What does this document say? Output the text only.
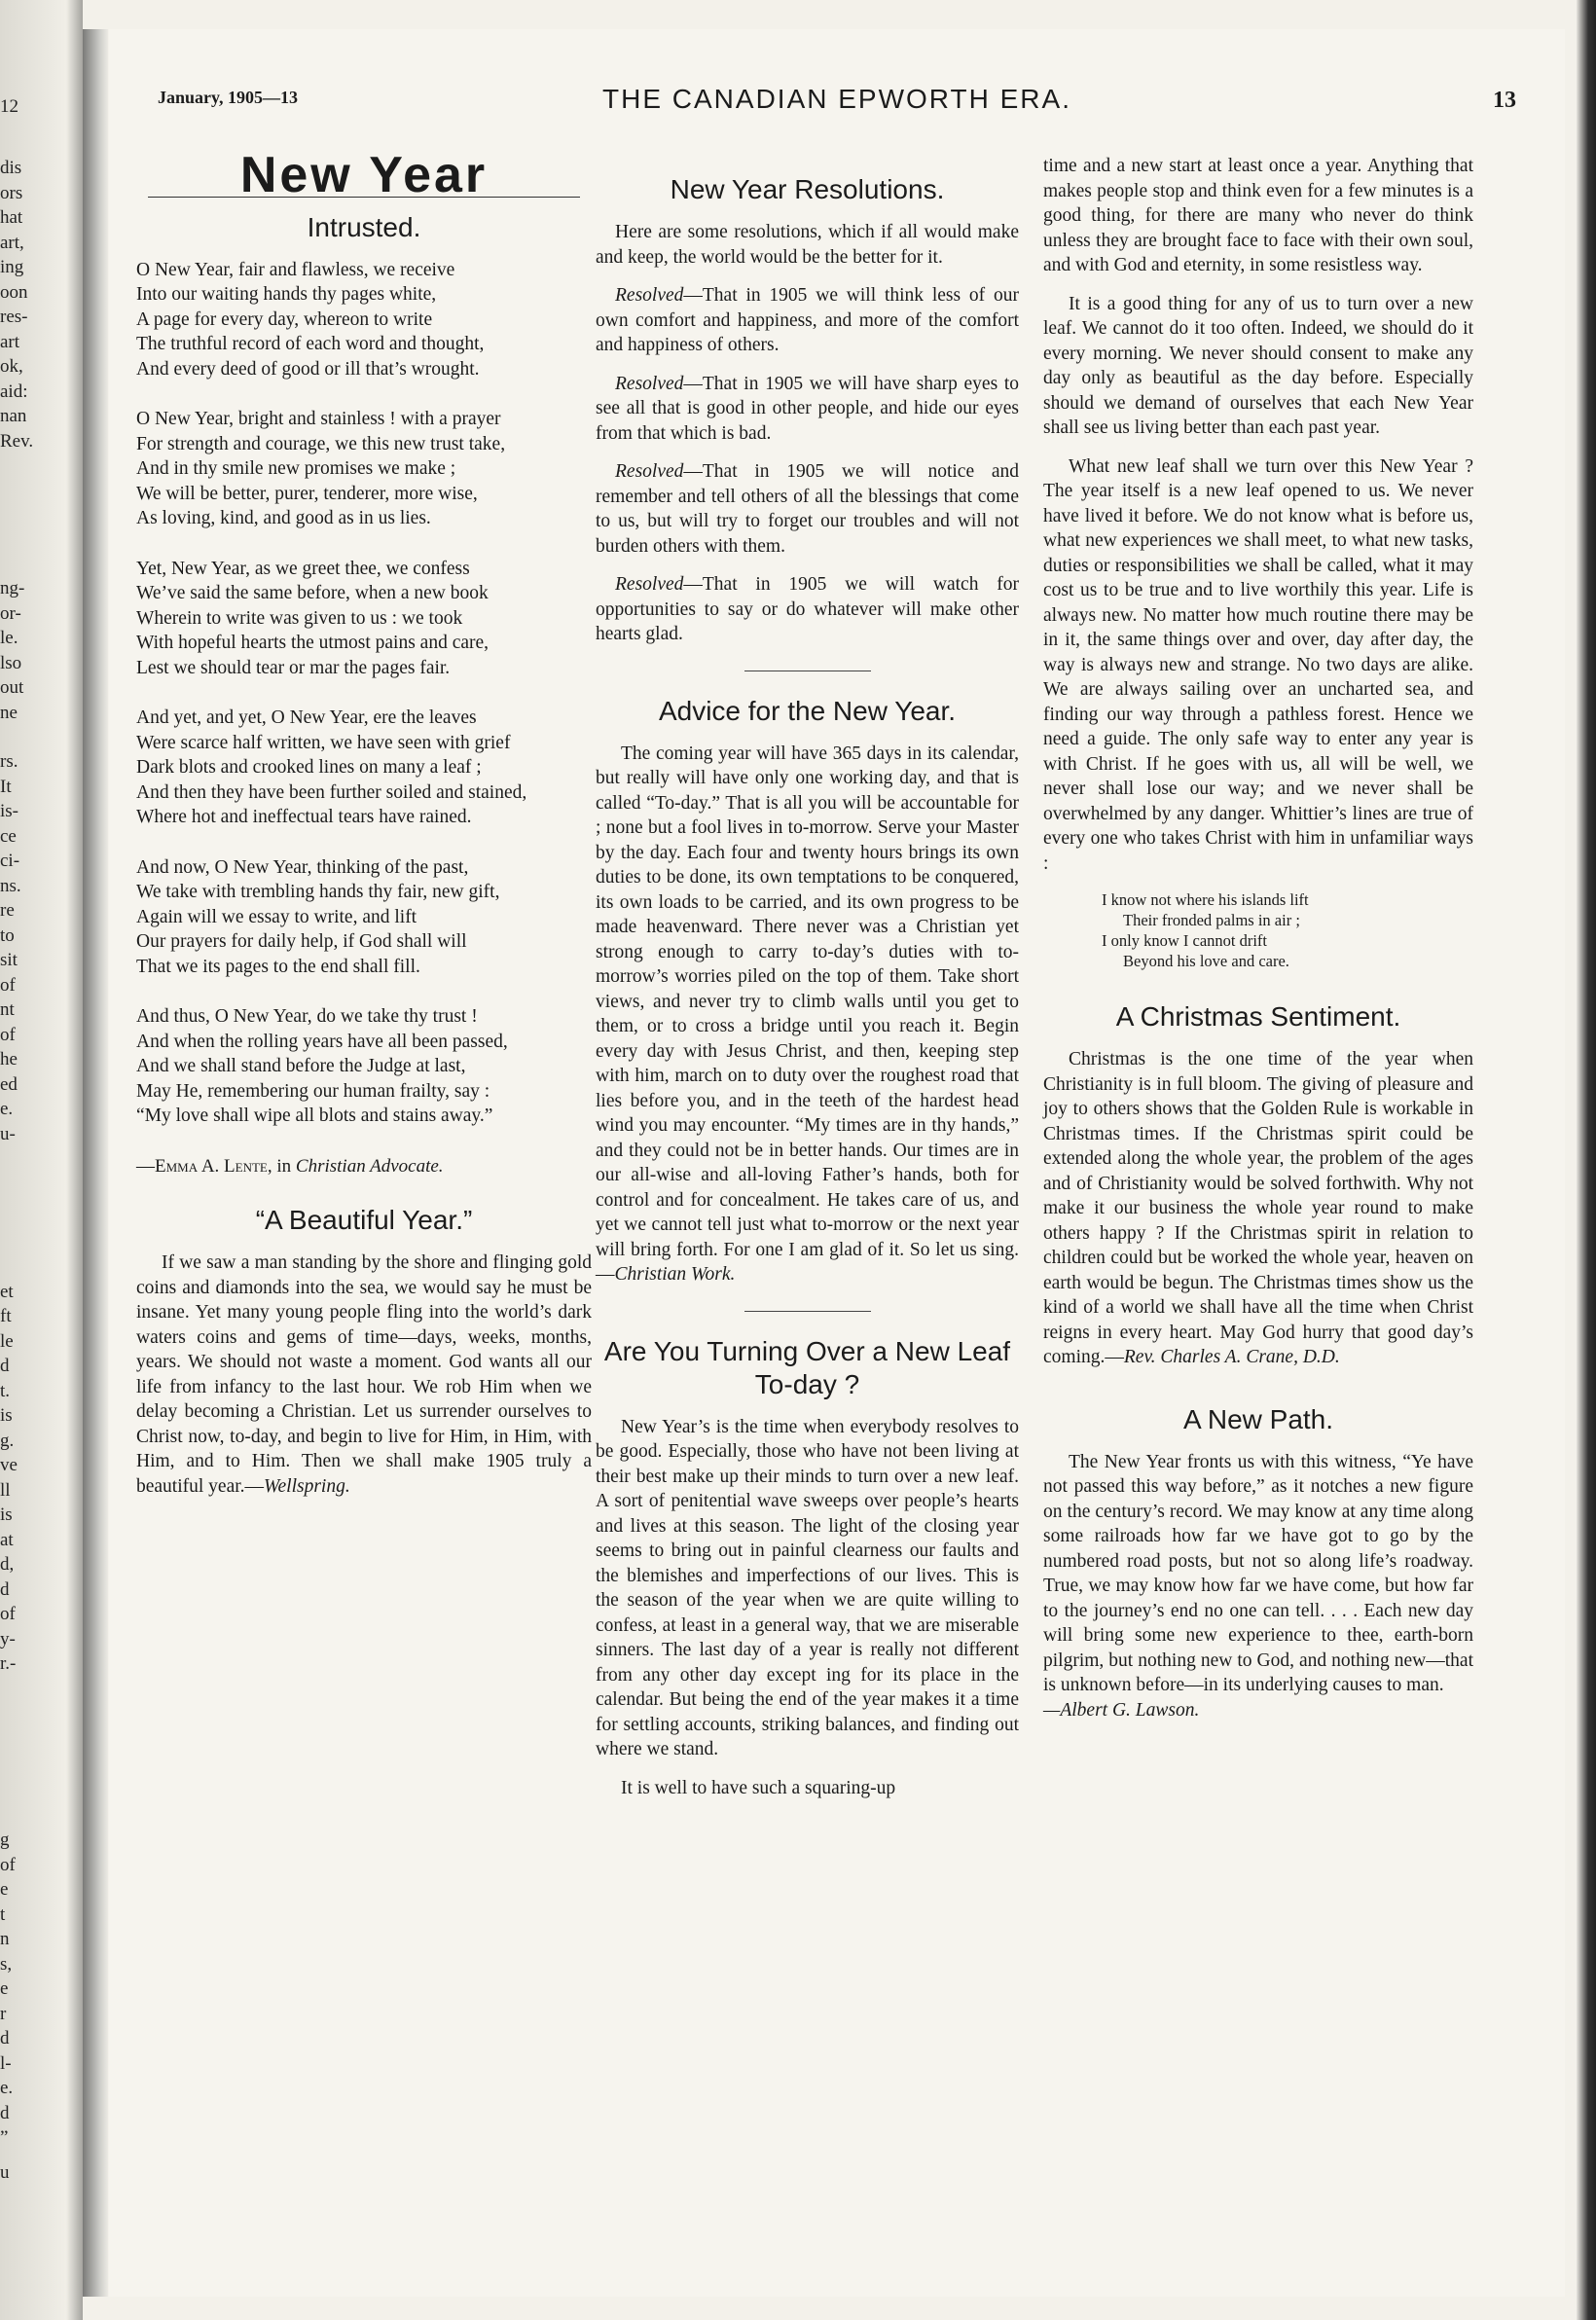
12
dis
ors
hat
art,
ing
oon
res-
art
ok,
aid:
nan
Rev.
ng-
or-
le.
lso
out
ne
rs.
It
is-
ce
ci-
ns.
re
to
sit
of
nt
of
he
ed
e.
u-
et
ft
le
d
t.
is
g.
ve
ll
is
at
d,
d
of
y-
r.-
g
of
e
t
n
s,
e
r
d
l-
e.
d
”
u
January, 1905—13	THE CANADIAN EPWORTH ERA.	13
New Year
Intrusted.
O New Year, fair and flawless, we receive
Into our waiting hands thy pages white,
A page for every day, whereon to write
The truthful record of each word and thought,
And every deed of good or ill that’s wrought.
O New Year, bright and stainless ! with a prayer
For strength and courage, we this new trust take,
And in thy smile new promises we make ;
We will be better, purer, tenderer, more wise,
As loving, kind, and good as in us lies.
Yet, New Year, as we greet thee, we confess
We’ve said the same before, when a new book
Wherein to write was given to us : we took
With hopeful hearts the utmost pains and care,
Lest we should tear or mar the pages fair.
And yet, and yet, O New Year, ere the leaves
Were scarce half written, we have seen with grief
Dark blots and crooked lines on many a leaf ;
And then they have been further soiled and stained,
Where hot and ineffectual tears have rained.
And now, O New Year, thinking of the past,
We take with trembling hands thy fair, new gift,
Again will we essay to write, and lift
Our prayers for daily help, if God shall will
That we its pages to the end shall fill.
And thus, O New Year, do we take thy trust !
And when the rolling years have all been passed,
And we shall stand before the Judge at last,
May He, remembering our human frailty, say :
“My love shall wipe all blots and stains away.”
—Emma A. Lente, in Christian Advocate.
“A Beautiful Year.”

If we saw a man standing by the shore and flinging gold coins and diamonds into the sea, we would say he must be insane. Yet many young people fling into the world’s dark waters coins and gems of time—days, weeks, months, years. We should not waste a moment. God wants all our life from infancy to the last hour. We rob Him when we delay becoming a Christian. Let us surrender ourselves to Christ now, to-day, and begin to live for Him, in Him, with Him, and to Him. Then we shall make 1905 truly a beautiful year.—Wellspring.

New Year Resolutions.

Here are some resolutions, which if all would make and keep, the world would be the better for it.

Resolved—That in 1905 we will think less of our own comfort and happiness, and more of the comfort and happiness of others.

Resolved—That in 1905 we will have sharp eyes to see all that is good in other people, and hide our eyes from that which is bad.

Resolved—That in 1905 we will notice and remember and tell others of all the blessings that come to us, but will try to forget our troubles and will not burden others with them.

Resolved—That in 1905 we will watch for opportunities to say or do whatever will make other hearts glad.

Advice for the New Year.

The coming year will have 365 days in its calendar, but really will have only one working day, and that is called “To-day.” That is all you will be accountable for ; none but a fool lives in to-morrow. Serve your Master by the day. Each four and twenty hours brings its own duties to be done, its own temptations to be conquered, its own loads to be carried, and its own progress to be made heavenward. There never was a Christian yet strong enough to carry to-day’s duties with to-morrow’s worries piled on the top of them. Take short views, and never try to climb walls until you get to them, or to cross a bridge until you reach it. Begin every day with Jesus Christ, and then, keeping step with him, march on to duty over the roughest road that lies before you, and in the teeth of the hardest head wind you may encounter. “My times are in thy hands,” and they could not be in better hands. Our times are in our all-wise and all-loving Father’s hands, both for control and for concealment. He takes care of us, and yet we cannot tell just what to-morrow or the next year will bring forth. For one I am glad of it. So let us sing.—Christian Work.

Are You Turning Over a New Leaf To-day ?

New Year’s is the time when everybody resolves to be good. Especially, those who have not been living at their best make up their minds to turn over a new leaf. A sort of penitential wave sweeps over people’s hearts and lives at this season. The light of the closing year seems to bring out in painful clearness our faults and the blemishes and imperfections of our lives. This is the season of the year when we are quite willing to confess, at least in a general way, that we are miserable sinners. The last day of a year is really not different from any other day except ing for its place in the calendar. But being the end of the year makes it a time for settling accounts, striking balances, and finding out where we stand.

It is well to have such a squaring-up

time and a new start at least once a year. Anything that makes people stop and think even for a few minutes is a good thing, for there are many who never do think unless they are brought face to face with their own soul, and with God and eternity, in some resistless way.

It is a good thing for any of us to turn over a new leaf. We cannot do it too often. Indeed, we should do it every morning. We never should consent to make any day only as beautiful as the day before. Especially should we demand of ourselves that each New Year shall see us living better than each past year.

What new leaf shall we turn over this New Year ? The year itself is a new leaf opened to us. We never have lived it before. We do not know what is before us, what new experiences we shall meet, to what new tasks, duties or responsibilities we shall be called, what it may cost us to be true and to live worthily this year. Life is always new. No matter how much routine there may be in it, the same things over and over, day after day, the way is always new and strange. No two days are alike. We are always sailing over an uncharted sea, and finding our way through a pathless forest. Hence we need a guide. The only safe way to enter any year is with Christ. If he goes with us, all will be well, we never shall lose our way; and we never shall be overwhelmed by any danger. Whittier’s lines are true of every one who takes Christ with him in unfamiliar ways :

I know not where his islands lift
Their fronded palms in air ;
I only know I cannot drift
Beyond his love and care.
A Christmas Sentiment.

Christmas is the one time of the year when Christianity is in full bloom. The giving of pleasure and joy to others shows that the Golden Rule is workable in Christmas times. If the Christmas spirit could be extended along the whole year, the problem of the ages and of Christianity would be solved forthwith. Why not make it our business the whole year round to make others happy ? If the Christmas spirit in relation to children could but be worked the whole year, heaven on earth would be begun. The Christmas times show us the kind of a world we shall have all the time when Christ reigns in every heart. May God hurry that good day’s coming.—Rev. Charles A. Crane, D.D.

A New Path.

The New Year fronts us with this witness, “Ye have not passed this way before,” as it notches a new figure on the century’s record. We may know at any time along some railroads how far we have got to go by the numbered road posts, but not so along life’s roadway. True, we may know how far we have come, but how far to the journey’s end no one can tell. . . . Each new day will bring some new experience to thee, earth-born pilgrim, but nothing new to God, and nothing new—that is unknown before—in its underlying causes to man.

—Albert G. Lawson.
